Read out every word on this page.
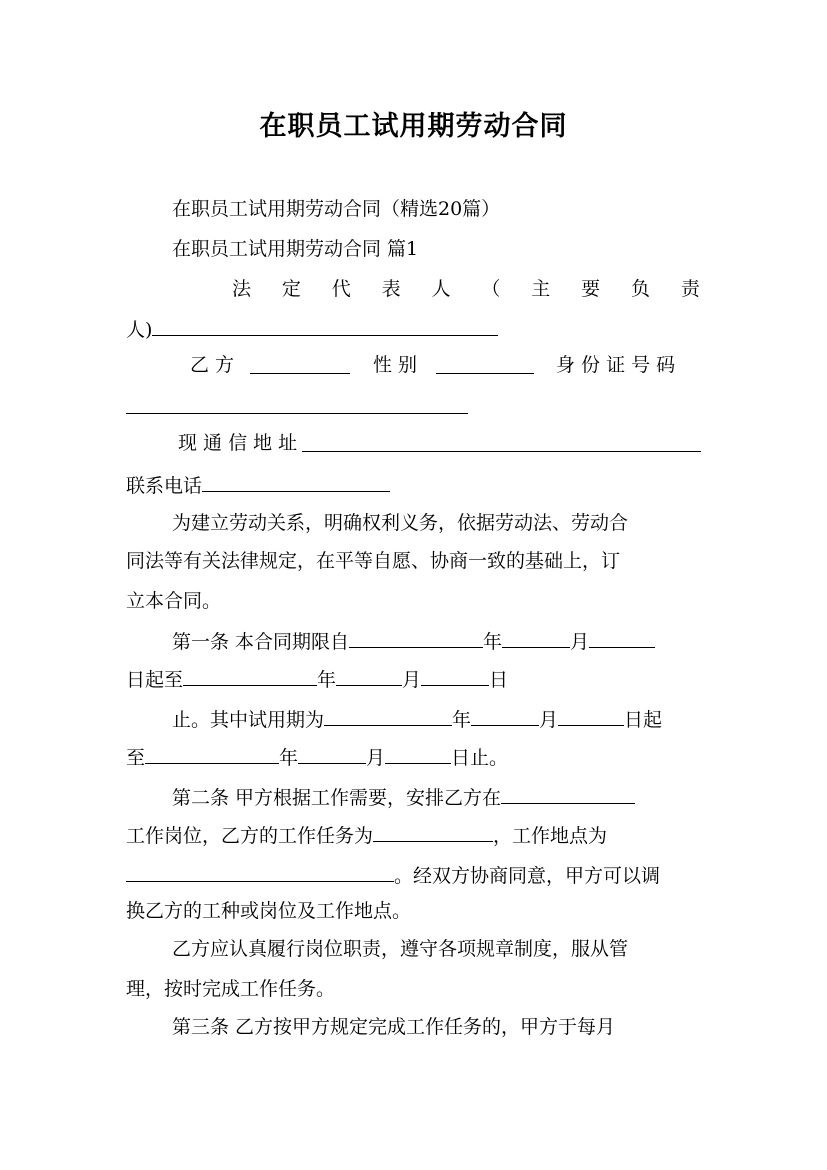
在职员工试用期劳动合同
在职员工试用期劳动合同（精选20篇）
在职员工试用期劳动合同 篇1
法 定 代 表 人 （ 主 要 负 责
人)
乙 方	性 别	身 份 证 号 码
现 通 信 地 址
联系电话
为建立劳动关系，明确权利义务，依据劳动法、劳动合
同法等有关法律规定，在平等自愿、协商一致的基础上，订
立本合同。
第一条 本合同期限自	年	月
日起至	年	月	日
止。其中试用期为	年	月	日起
至	年	月	日止。
第二条 甲方根据工作需要，安排乙方在
工作岗位，乙方的工作任务为	，工作地点为
。经双方协商同意，甲方可以调
换乙方的工种或岗位及工作地点。
乙方应认真履行岗位职责，遵守各项规章制度，服从管
理，按时完成工作任务。
第三条 乙方按甲方规定完成工作任务的，甲方于每月
